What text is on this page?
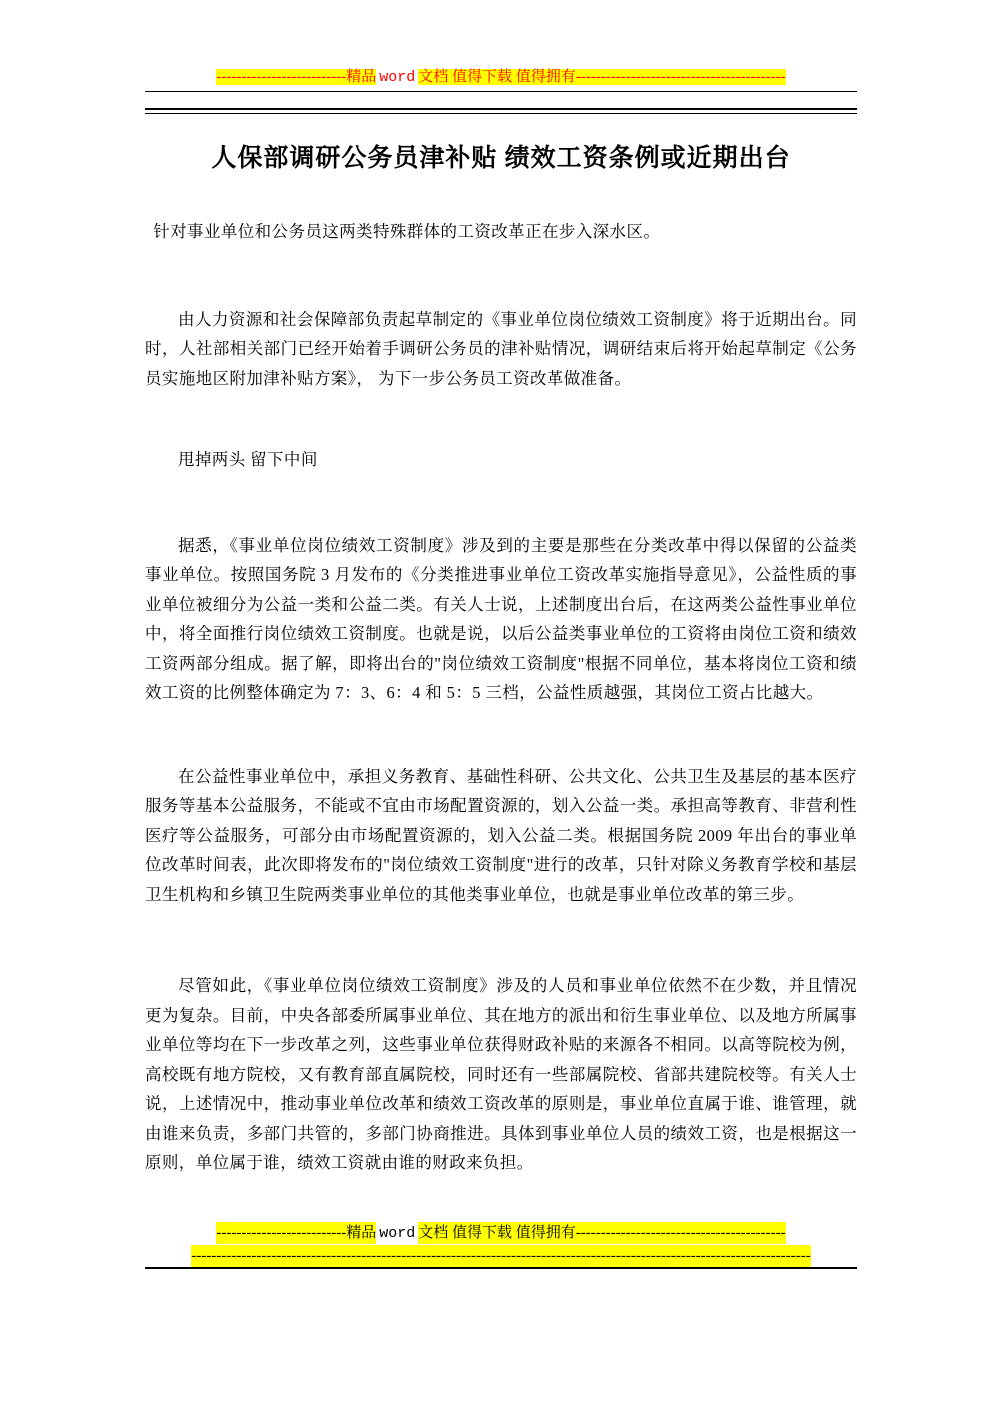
--------------------------精品 word 文档 值得下载 值得拥有------------------------------------------
人保部调研公务员津补贴 绩效工资条例或近期出台

针对事业单位和公务员这两类特殊群体的工资改革正在步入深水区。

由人力资源和社会保障部负责起草制定的《事业单位岗位绩效工资制度》将于近期出台。同时，人社部相关部门已经开始着手调研公务员的津补贴情况，调研结束后将开始起草制定《公务员实施地区附加津补贴方案》， 为下一步公务员工资改革做准备。

甩掉两头 留下中间

据悉，《事业单位岗位绩效工资制度》涉及到的主要是那些在分类改革中得以保留的公益类事业单位。按照国务院 3 月发布的《分类推进事业单位工资改革实施指导意见》，公益性质的事业单位被细分为公益一类和公益二类。有关人士说，上述制度出台后，在这两类公益性事业单位中，将全面推行岗位绩效工资制度。也就是说，以后公益类事业单位的工资将由岗位工资和绩效工资两部分组成。据了解，即将出台的"岗位绩效工资制度"根据不同单位，基本将岗位工资和绩效工资的比例整体确定为 7：3、6：4 和 5：5 三档，公益性质越强，其岗位工资占比越大。

在公益性事业单位中，承担义务教育、基础性科研、公共文化、公共卫生及基层的基本医疗服务等基本公益服务，不能或不宜由市场配置资源的，划入公益一类。承担高等教育、非营利性医疗等公益服务，可部分由市场配置资源的，划入公益二类。根据国务院 2009 年出台的事业单位改革时间表，此次即将发布的"岗位绩效工资制度"进行的改革，只针对除义务教育学校和基层卫生机构和乡镇卫生院两类事业单位的其他类事业单位，也就是事业单位改革的第三步。

尽管如此，《事业单位岗位绩效工资制度》涉及的人员和事业单位依然不在少数，并且情况更为复杂。目前，中央各部委所属事业单位、其在地方的派出和衍生事业单位、以及地方所属事业单位等均在下一步改革之列，这些事业单位获得财政补贴的来源各不相同。以高等院校为例，高校既有地方院校，又有教育部直属院校，同时还有一些部属院校、省部共建院校等。有关人士说，上述情况中，推动事业单位改革和绩效工资改革的原则是，事业单位直属于谁、谁管理，就由谁来负责，多部门共管的，多部门协商推进。具体到事业单位人员的绩效工资，也是根据这一原则，单位属于谁，绩效工资就由谁的财政来负担。

--------------------------精品 word 文档 值得下载 值得拥有------------------------------------------
----------------------------------------------------------------------------------------------------------------------------
